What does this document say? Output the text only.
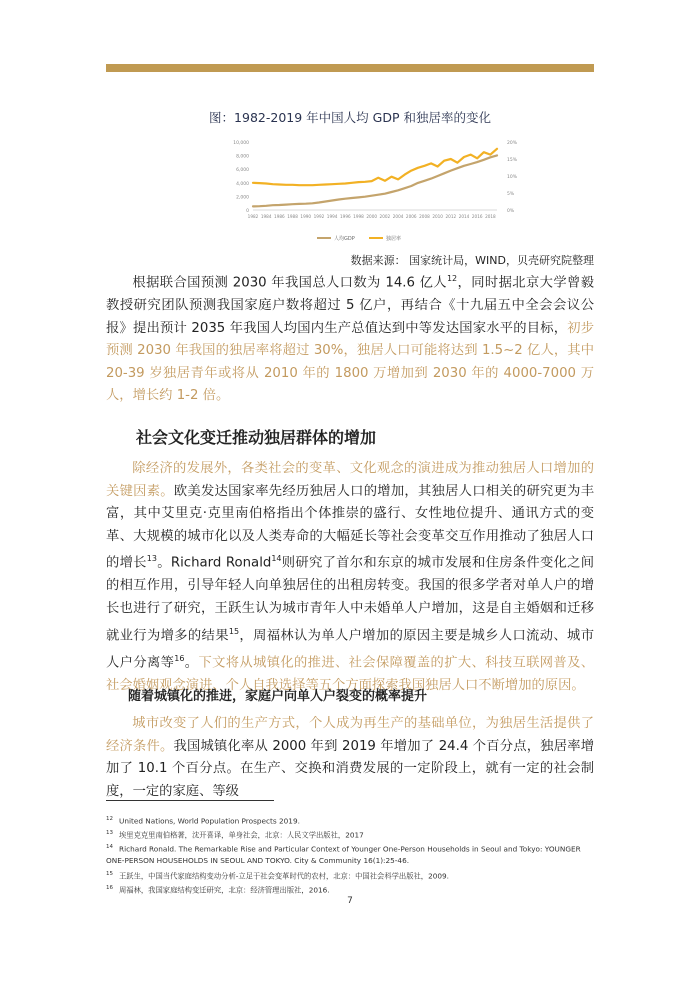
图：1982-2019 年中国人均 GDP 和独居率的变化
0
2,000
4,000
6,000
8,000
10,000
0%
5%
10%
15%
20%
1982 1984 1986 1988 1990 1992 1994 1996 1998 2000 2002 2004 2006 2008 2010 2012 2014 2016 2018
人均GDP	独居率
数据来源： 国家统计局，WIND，贝壳研究院整理
根据联合国预测 2030 年我国总人口数为 14.6 亿人$^{12}$，同时据北京大学曾毅教授研究团队预测我国家庭户数将超过 5 亿户，再结合《十九届五中全会会议公报》提出预计 2035 年我国人均国内生产总值达到中等发达国家水平的目标，初步预测 2030 年我国的独居率将超过 30%，独居人口可能将达到 1.5~2 亿人，其中 20-39 岁独居青年或将从 2010 年的 1800 万增加到 2030 年的 4000-7000 万人，增长约 1-2 倍。
社会文化变迁推动独居群体的增加
除经济的发展外，各类社会的变革、文化观念的演进成为推动独居人口增加的关键因素。欧美发达国家率先经历独居人口的增加，其独居人口相关的研究更为丰富，其中艾里克·克里南伯格指出个体推崇的盛行、女性地位提升、通讯方式的变革、大规模的城市化以及人类寿命的大幅延长等社会变革交互作用推动了独居人口的增长$^{13}$。Richard Ronald$^{14}$则研究了首尔和东京的城市发展和住房条件变化之间的相互作用，引导年轻人向单独居住的出租房转变。我国的很多学者对单人户的增长也进行了研究，王跃生认为城市青年人中未婚单人户增加，这是自主婚姻和迁移就业行为增多的结果$^{15}$，周福林认为单人户增加的原因主要是城乡人口流动、城市人户分离等$^{16}$。下文将从城镇化的推进、社会保障覆盖的扩大、科技互联网普及、社会婚姻观念演进、个人自我选择等五个方面探索我国独居人口不断增加的原因。
随着城镇化的推进，家庭户向单人户裂变的概率提升
城市改变了人们的生产方式，个人成为再生产的基础单位，为独居生活提供了经济条件。我国城镇化率从 2000 年到 2019 年增加了 24.4 个百分点，独居率增加了 10.1 个百分点。在生产、交换和消费发展的一定阶段上，就有一定的社会制度，一定的家庭、等级
$^{12}$ United Nations, World Population Prospects 2019.
$^{13}$ 埃里克克里南伯格著，沈开喜译，单身社会，北京：人民文学出版社，2017
$^{14}$ Richard Ronald. The Remarkable Rise and Particular Context of Younger One-Person Households in Seoul and Tokyo: YOUNGER ONE-PERSON HOUSEHOLDS IN SEOUL AND TOKYO. City & Community 16(1):25-46.
$^{15}$ 王跃生，中国当代家庭结构变动分析-立足于社会变革时代的农村，北京：中国社会科学出版社，2009.
$^{16}$ 周福林，我国家庭结构变迁研究，北京：经济管理出版社，2016.
7
